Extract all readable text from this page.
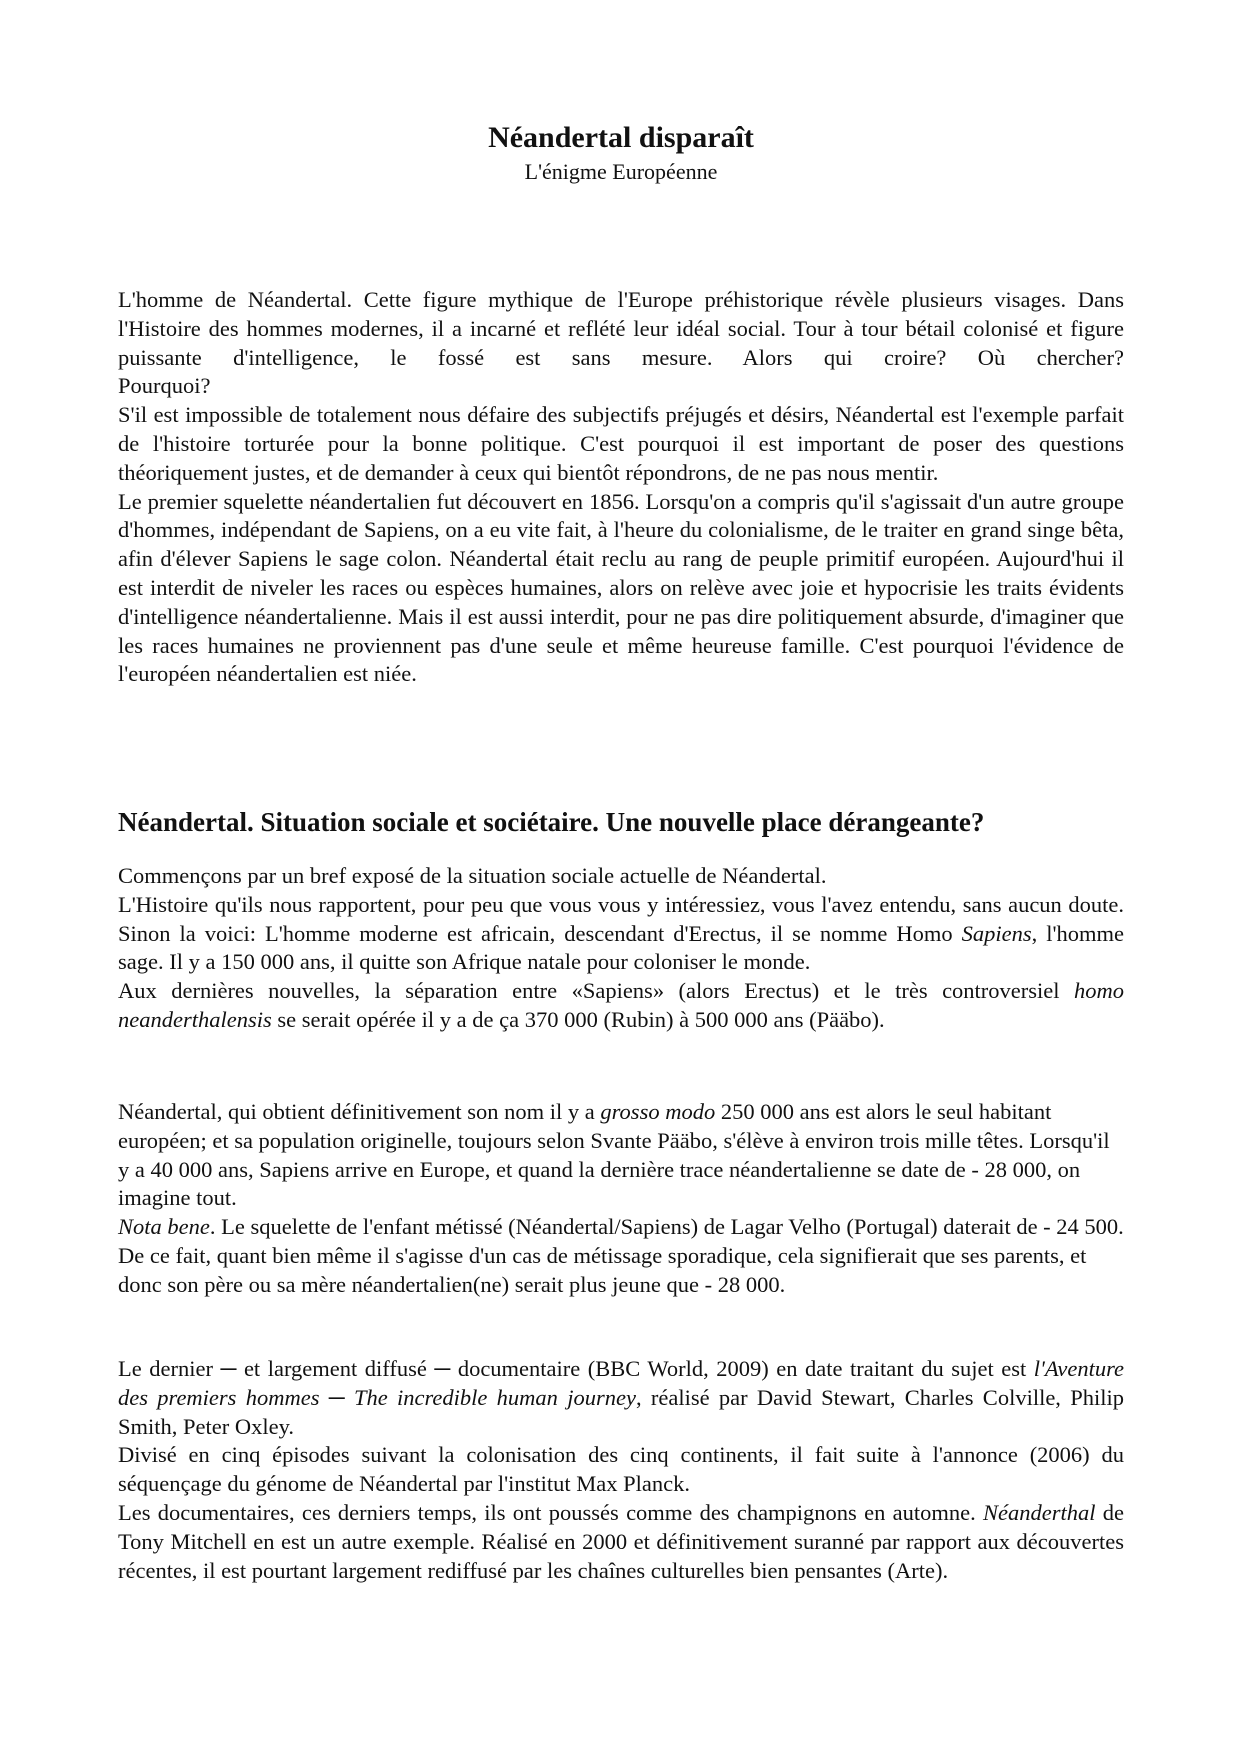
Néandertal disparaît

L'énigme Européenne

L'homme de Néandertal. Cette figure mythique de l'Europe préhistorique révèle plusieurs visages. Dans l'Histoire des hommes modernes, il a incarné et reflété leur idéal social. Tour à tour bétail colonisé et figure puissante d'intelligence, le fossé est sans mesure. Alors qui croire? Où chercher?

Pourquoi?

S'il est impossible de totalement nous défaire des subjectifs préjugés et désirs, Néandertal est l'exemple parfait de l'histoire torturée pour la bonne politique. C'est pourquoi il est important de poser des questions théoriquement justes, et de demander à ceux qui bientôt répondrons, de ne pas nous mentir.

Le premier squelette néandertalien fut découvert en 1856. Lorsqu'on a compris qu'il s'agissait d'un autre groupe d'hommes, indépendant de Sapiens, on a eu vite fait, à l'heure du colonialisme, de le traiter en grand singe bêta, afin d'élever Sapiens le sage colon. Néandertal était reclu au rang de peuple primitif européen. Aujourd'hui il est interdit de niveler les races ou espèces humaines, alors on relève avec joie et hypocrisie les traits évidents d'intelligence néandertalienne. Mais il est aussi interdit, pour ne pas dire politiquement absurde, d'imaginer que les races humaines ne proviennent pas d'une seule et même heureuse famille. C'est pourquoi l'évidence de l'européen néandertalien est niée.

Néandertal. Situation sociale et sociétaire. Une nouvelle place dérangeante?

Commençons par un bref exposé de la situation sociale actuelle de Néandertal.

L'Histoire qu'ils nous rapportent, pour peu que vous vous y intéressiez, vous l'avez entendu, sans aucun doute. Sinon la voici: L'homme moderne est africain, descendant d'Erectus, il se nomme Homo Sapiens, l'homme sage. Il y a 150 000 ans, il quitte son Afrique natale pour coloniser le monde.

Aux dernières nouvelles, la séparation entre «Sapiens» (alors Erectus) et le très controversiel homo neanderthalensis se serait opérée il y a de ça 370 000 (Rubin) à 500 000 ans (Pääbo).

Néandertal, qui obtient définitivement son nom il y a grosso modo 250 000 ans est alors le seul habitant européen; et sa population originelle, toujours selon Svante Pääbo, s'élève à environ trois mille têtes. Lorsqu'il y a 40 000 ans, Sapiens arrive en Europe, et quand la dernière trace néandertalienne se date de - 28 000, on imagine tout.

Nota bene. Le squelette de l'enfant métissé (Néandertal/Sapiens) de Lagar Velho (Portugal) daterait de - 24 500. De ce fait, quant bien même il s'agisse d'un cas de métissage sporadique, cela signifierait que ses parents, et donc son père ou sa mère néandertalien(ne) serait plus jeune que - 28 000.

Le dernier ─ et largement diffusé ─ documentaire (BBC World, 2009) en date traitant du sujet est l'Aventure des premiers hommes ─ The incredible human journey, réalisé par David Stewart, Charles Colville, Philip Smith, Peter Oxley.

Divisé en cinq épisodes suivant la colonisation des cinq continents, il fait suite à l'annonce (2006) du séquençage du génome de Néandertal par l'institut Max Planck.

Les documentaires, ces derniers temps, ils ont poussés comme des champignons en automne. Néanderthal de Tony Mitchell en est un autre exemple. Réalisé en 2000 et définitivement suranné par rapport aux découvertes récentes, il est pourtant largement rediffusé par les chaînes culturelles bien pensantes (Arte).
